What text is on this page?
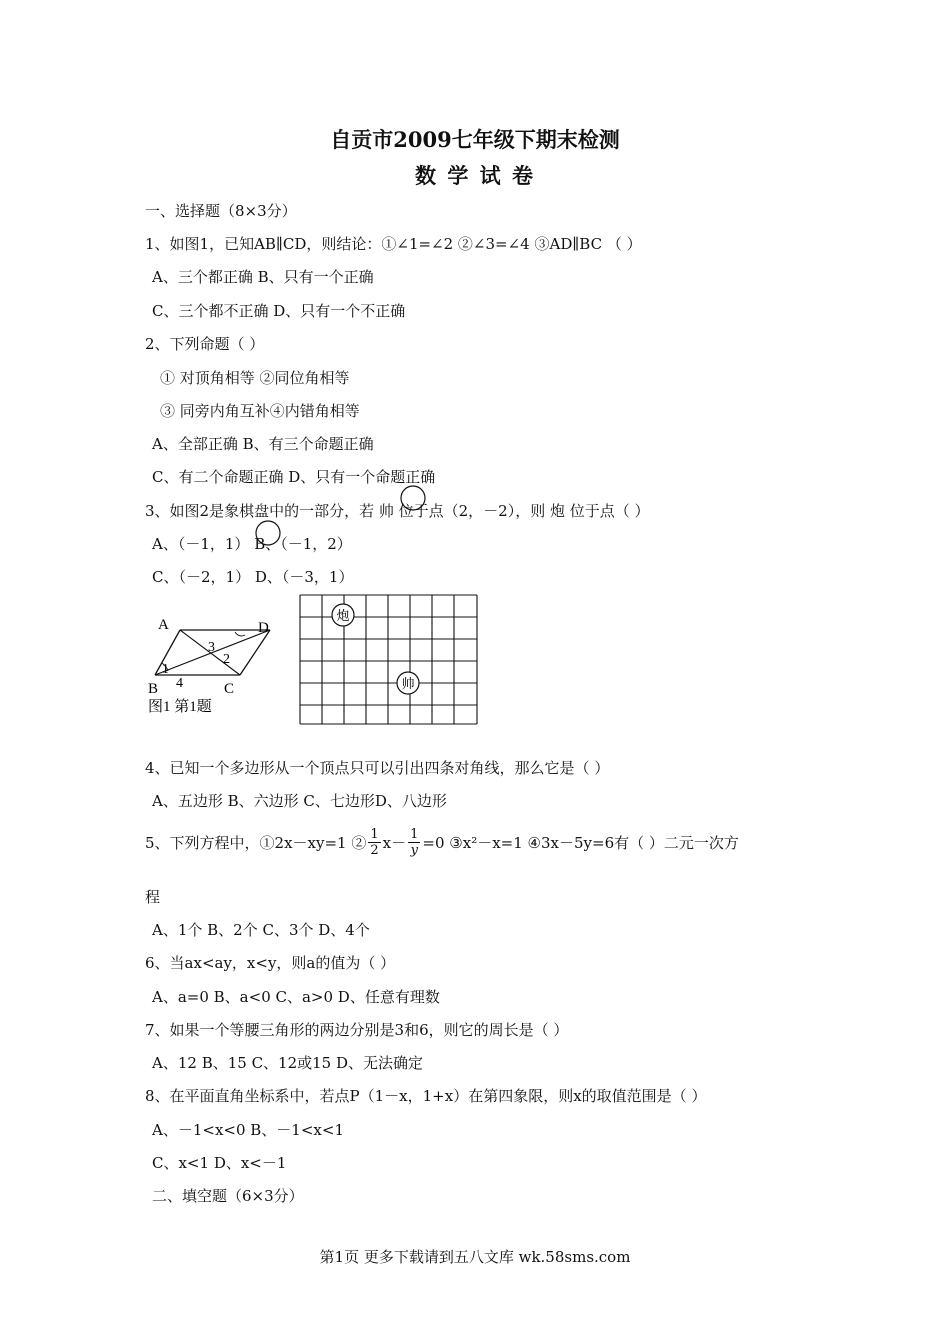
自贡市2009七年级下期末检测
数 学 试 卷
一、选择题（8×3分）
1、如图1，已知AB∥CD，则结论：①∠1=∠2 ②∠3=∠4 ③AD∥BC （ ）
A、三个都正确 B、只有一个正确
C、三个都不正确 D、只有一个不正确
2、下列命题（ ）
① 对顶角相等 ②同位角相等
③ 同旁内角互补④内错角相等
A、全部正确 B、有三个命题正确
C、有二个命题正确 D、只有一个命题正确
3、如图2是象棋盘中的一部分，若 帅 位于点（2，－2），则 炮 位于点（ ）
A、（－1，1） B、（－1，2）
C、（－2，1） D、（－3，1）
A	D
B	C
1
2
3
4
图1 第1题
炮
帅
4、已知一个多边形从一个顶点只可以引出四条对角线，那么它是（ ）
A、五边形 B、六边形 C、七边形D、八边形
5、下列方程中，①2x－xy=1 ② $\frac{1}{2} x- \frac{1}{y} =0$ ③x²－x=1 ④3x－5y=6有（ ）二元一次方
程
A、1个 B、2个 C、3个 D、4个
6、当ax<ay，x<y，则a的值为（ ）
A、a=0 B、a<0 C、a>0 D、任意有理数
7、如果一个等腰三角形的两边分别是3和6，则它的周长是（ ）
A、12 B、15 C、12或15 D、无法确定
8、在平面直角坐标系中，若点P（1－x，1+x）在第四象限，则x的取值范围是（ ）
A、－1<x<0 B、－1<x<1
C、x<1 D、x<－1
二、填空题（6×3分）
第1页 更多下载请到五八文库 wk.58sms.com
